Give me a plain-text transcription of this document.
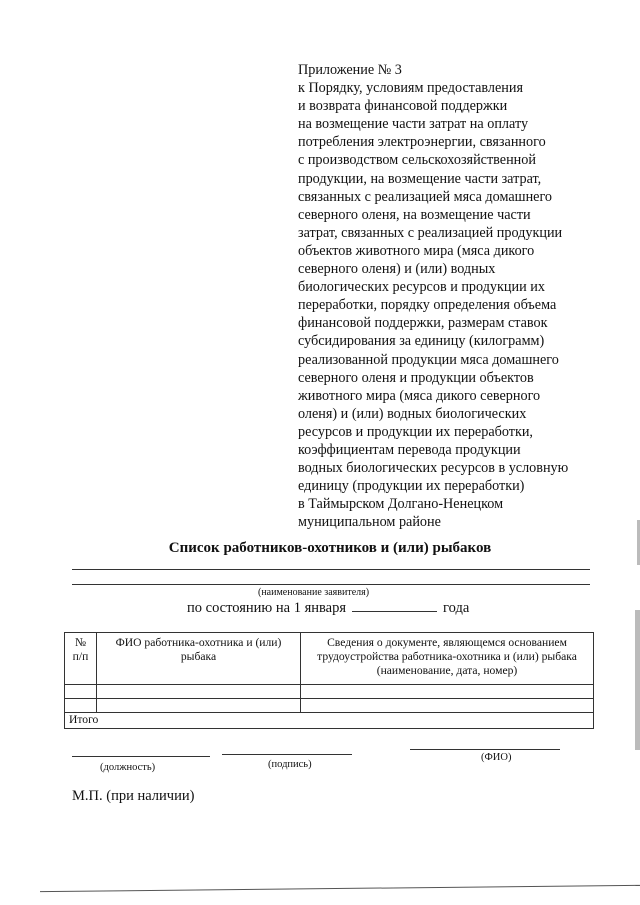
Приложение № 3
к Порядку, условиям предоставления
и возврата финансовой поддержки
на возмещение части затрат на оплату
потребления электроэнергии, связанного
с производством сельскохозяйственной
продукции, на возмещение части затрат,
связанных с реализацией мяса домашнего
северного оленя, на возмещение части
затрат, связанных с реализацией продукции
объектов животного мира (мяса дикого
северного оленя) и (или) водных
биологических ресурсов и продукции их
переработки, порядку определения объема
финансовой поддержки, размерам ставок
субсидирования за единицу (килограмм)
реализованной продукции мяса домашнего
северного оленя и продукции объектов
животного мира (мяса дикого северного
оленя) и (или) водных биологических
ресурсов и продукции их переработки,
коэффициентам перевода продукции
водных биологических ресурсов в условную
единицу (продукции их переработки)
в Таймырском Долгано-Ненецком
муниципальном районе
Список работников-охотников и (или) рыбаков
(наименование заявителя)
по состоянию на 1 января	года
№ п/п	ФИО работника-охотника и (или) рыбака	Сведения о документе, являющемся основанием трудоустройства работника-охотника и (или) рыбака (наименование, дата, номер)

Итого		
(должность)	(подпись)
(ФИО)
М.П. (при наличии)
